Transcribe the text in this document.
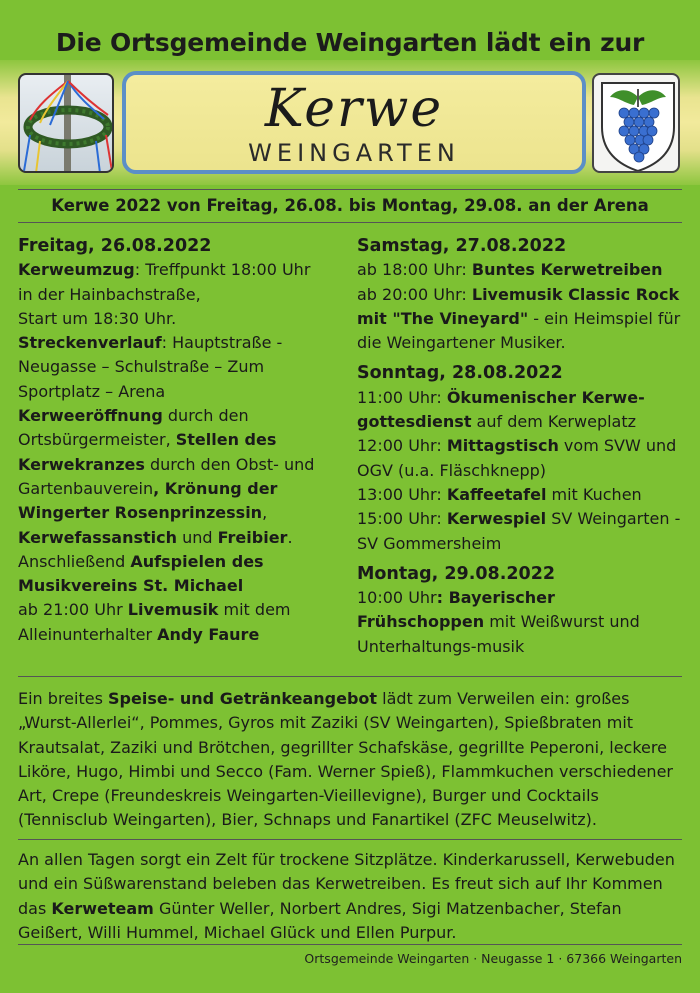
Die Ortsgemeinde Weingarten lädt ein zur
Kerwe
WEINGARTEN
Kerwe 2022 von Freitag, 26.08. bis Montag, 29.08. an der Arena
Freitag, 26.08.2022
Kerweumzug: Treffpunkt 18:00 Uhr in der Hainbachstraße,
Start um 18:30 Uhr.
Streckenverlauf: Hauptstraße - Neugasse – Schulstraße – Zum Sportplatz – Arena
Kerweeröffnung durch den Ortsbürgermeister, Stellen des Kerwekranzes durch den Obst- und Gartenbauverein, Krönung der Wingerter Rosenprinzessin, Kerwefassanstich und Freibier.
Anschließend Aufspielen des Musikvereins St. Michael
ab 21:00 Uhr Livemusik mit dem Alleinunterhalter Andy Faure
Samstag, 27.08.2022
ab 18:00 Uhr: Buntes Kerwetreiben
ab 20:00 Uhr: Livemusik Classic Rock mit "The Vineyard" - ein Heimspiel für die Weingartener Musiker.
Sonntag, 28.08.2022
11:00 Uhr: Ökumenischer Kerwe-gottesdienst auf dem Kerweplatz
12:00 Uhr: Mittagstisch vom SVW und OGV (u.a. Fläschknepp)
13:00 Uhr: Kaffeetafel mit Kuchen
15:00 Uhr: Kerwespiel SV Weingarten - SV Gommersheim
Montag, 29.08.2022
10:00 Uhr: Bayerischer Frühschoppen mit Weißwurst und Unterhaltungs-musik
Ein breites Speise- und Getränkeangebot lädt zum Verweilen ein: großes „Wurst-Allerlei“, Pommes, Gyros mit Zaziki (SV Weingarten), Spießbraten mit Krautsalat, Zaziki und Brötchen, gegrillter Schafskäse, gegrillte Peperoni, leckere Liköre, Hugo, Himbi und Secco (Fam. Werner Spieß), Flammkuchen verschiedener Art, Crepe (Freundeskreis Weingarten-Vieillevigne), Burger und Cocktails (Tennisclub Weingarten), Bier, Schnaps und Fanartikel (ZFC Meuselwitz).
An allen Tagen sorgt ein Zelt für trockene Sitzplätze. Kinderkarussell, Kerwebuden und ein Süßwarenstand beleben das Kerwetreiben. Es freut sich auf Ihr Kommen das Kerweteam Günter Weller, Norbert Andres, Sigi Matzenbacher, Stefan Geißert, Willi Hummel, Michael Glück und Ellen Purpur.
Ortsgemeinde Weingarten · Neugasse 1 · 67366 Weingarten
